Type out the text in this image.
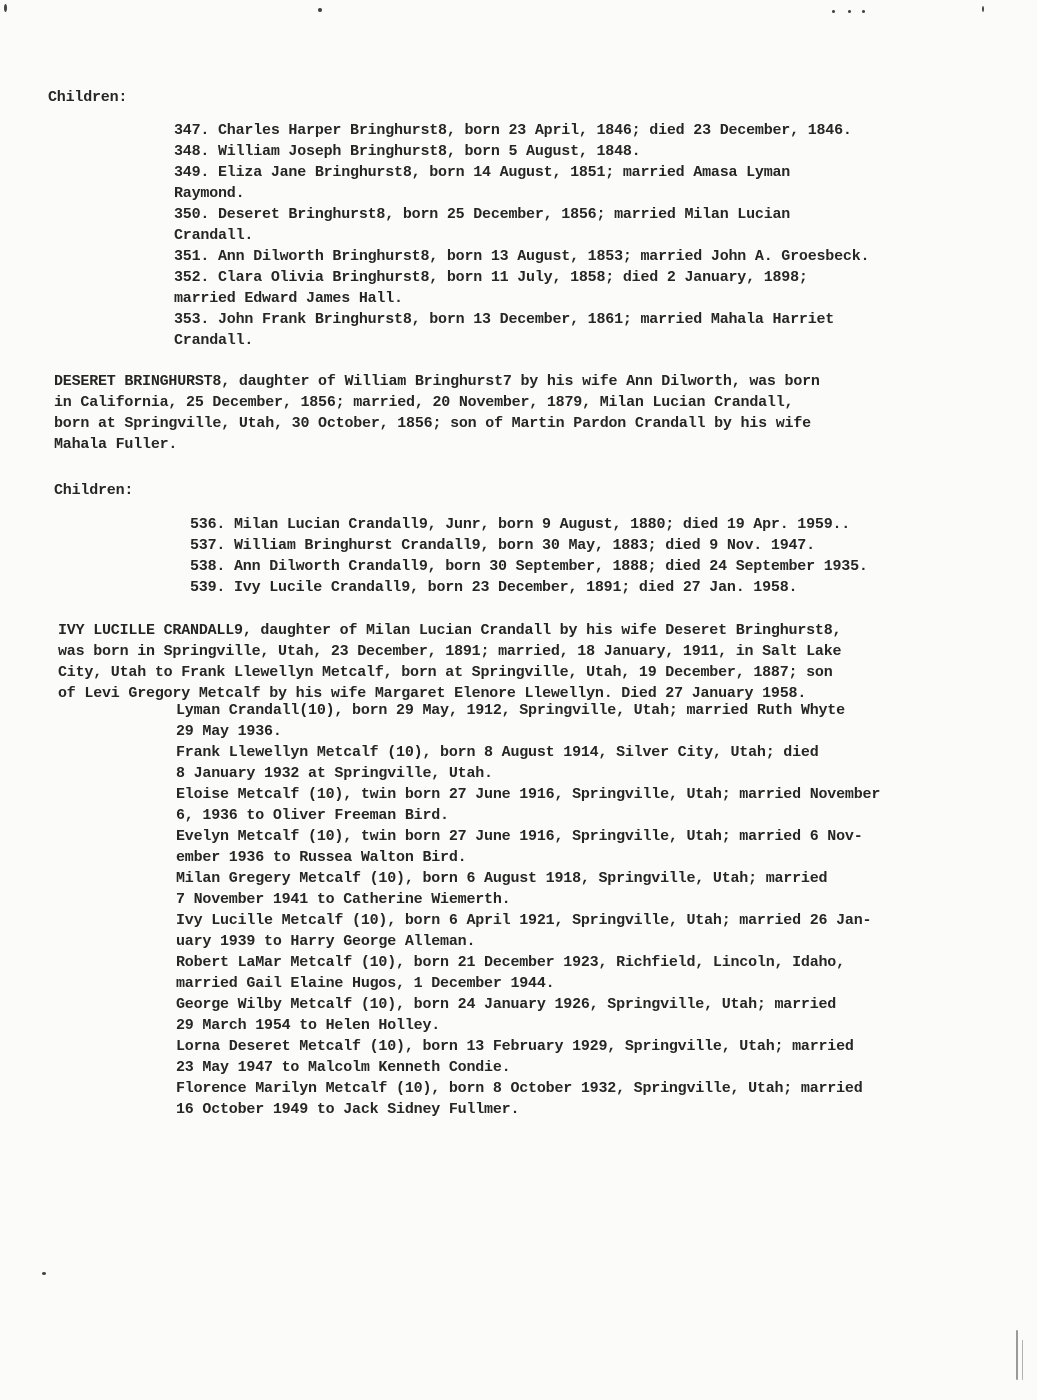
Children:
347. Charles Harper Bringhurst8, born 23 April, 1846; died 23 December, 1846.
348. William Joseph Bringhurst8, born 5 August, 1848.
349. Eliza Jane Bringhurst8, born 14 August, 1851; married Amasa Lyman
Raymond.
350. Deseret Bringhurst8, born 25 December, 1856; married Milan Lucian
Crandall.
351. Ann Dilworth Bringhurst8, born 13 August, 1853; married John A. Groesbeck.
352. Clara Olivia Bringhurst8, born 11 July, 1858; died 2 January, 1898;
married Edward James Hall.
353. John Frank Bringhurst8, born 13 December, 1861; married Mahala Harriet
Crandall.
DESERET BRINGHURST8, daughter of William Bringhurst7 by his wife Ann Dilworth, was born
in California, 25 December, 1856; married, 20 November, 1879, Milan Lucian Crandall,
born at Springville, Utah, 30 October, 1856; son of Martin Pardon Crandall by his wife
Mahala Fuller.
Children:
536. Milan Lucian Crandall9, Junr, born 9 August, 1880; died 19 Apr. 1959..
537. William Bringhurst Crandall9, born 30 May, 1883; died 9 Nov. 1947.
538. Ann Dilworth Crandall9, born 30 September, 1888; died 24 September 1935.
539. Ivy Lucile Crandall9, born 23 December, 1891; died 27 Jan. 1958.
IVY LUCILLE CRANDALL9, daughter of Milan Lucian Crandall by his wife Deseret Bringhurst8,
was born in Springville, Utah, 23 December, 1891; married, 18 January, 1911, in Salt Lake
City, Utah to Frank Llewellyn Metcalf, born at Springville, Utah, 19 December, 1887; son
of Levi Gregory Metcalf by his wife Margaret Elenore Llewellyn. Died 27 January 1958.
Lyman Crandall(10), born 29 May, 1912, Springville, Utah; married Ruth Whyte
29 May 1936.
Frank Llewellyn Metcalf (10), born 8 August 1914, Silver City, Utah; died
8 January 1932 at Springville, Utah.
Eloise Metcalf (10), twin born 27 June 1916, Springville, Utah; married November
6, 1936 to Oliver Freeman Bird.
Evelyn Metcalf (10), twin born 27 June 1916, Springville, Utah; married 6 Nov-
ember 1936 to Russea Walton Bird.
Milan Gregery Metcalf (10), born 6 August 1918, Springville, Utah; married
7 November 1941 to Catherine Wiemerth.
Ivy Lucille Metcalf (10), born 6 April 1921, Springville, Utah; married 26 Jan-
uary 1939 to Harry George Alleman.
Robert LaMar Metcalf (10), born 21 December 1923, Richfield, Lincoln, Idaho,
married Gail Elaine Hugos, 1 December 1944.
George Wilby Metcalf (10), born 24 January 1926, Springville, Utah; married
29 March 1954 to Helen Holley.
Lorna Deseret Metcalf (10), born 13 February 1929, Springville, Utah; married
23 May 1947 to Malcolm Kenneth Condie.
Florence Marilyn Metcalf (10), born 8 October 1932, Springville, Utah; married
16 October 1949 to Jack Sidney Fullmer.
